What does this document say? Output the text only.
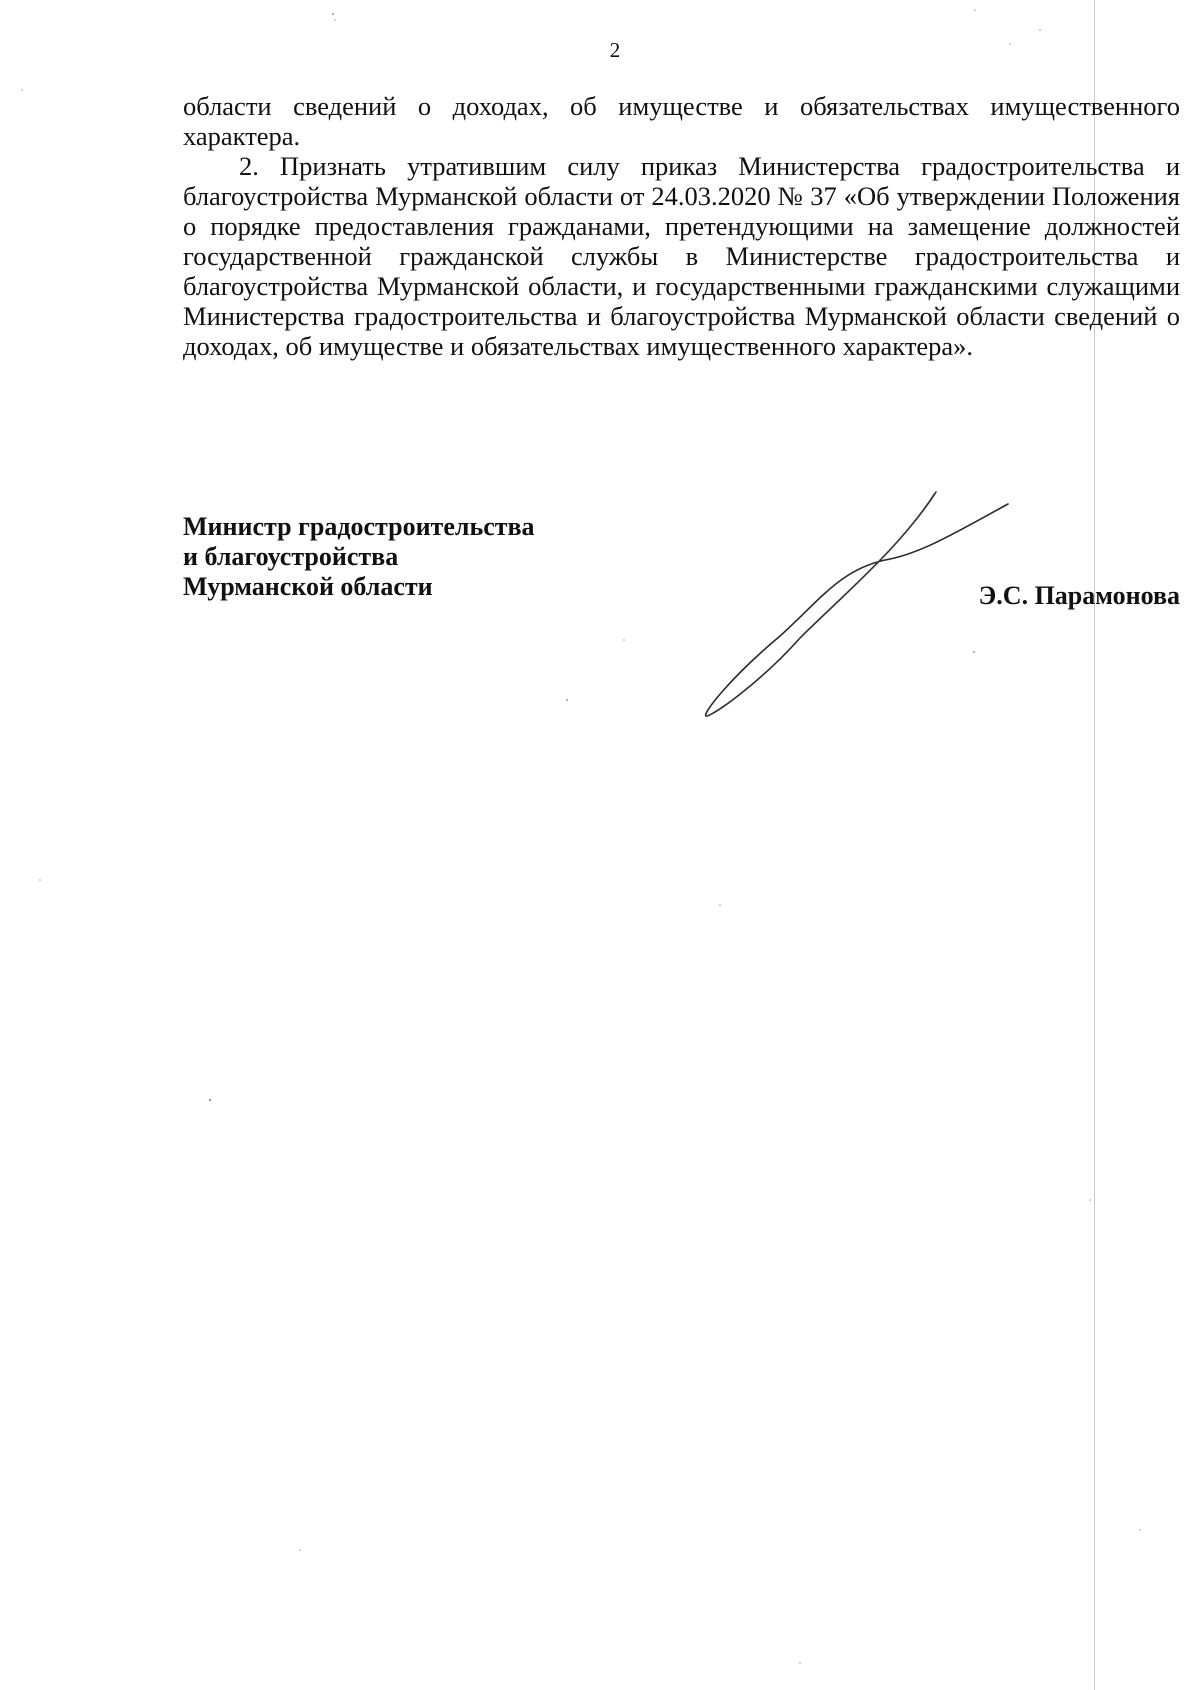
2

области сведений о доходах, об имуществе и обязательствах имущественного характера.

2. Признать утратившим силу приказ Министерства градостроительства и благоустройства Мурманской области от 24.03.2020 № 37 «Об утверждении Положения о порядке предоставления гражданами, претендующими на замещение должностей государственной гражданской службы в Министерстве градостроительства и благоустройства Мурманской области, и государственными гражданскими служащими Министерства градостроительства и благоустройства Мурманской области сведений о доходах, об имуществе и обязательствах имущественного характера».

Министр градостроительства
и благоустройства
Мурманской области	Э.С. Парамонова
